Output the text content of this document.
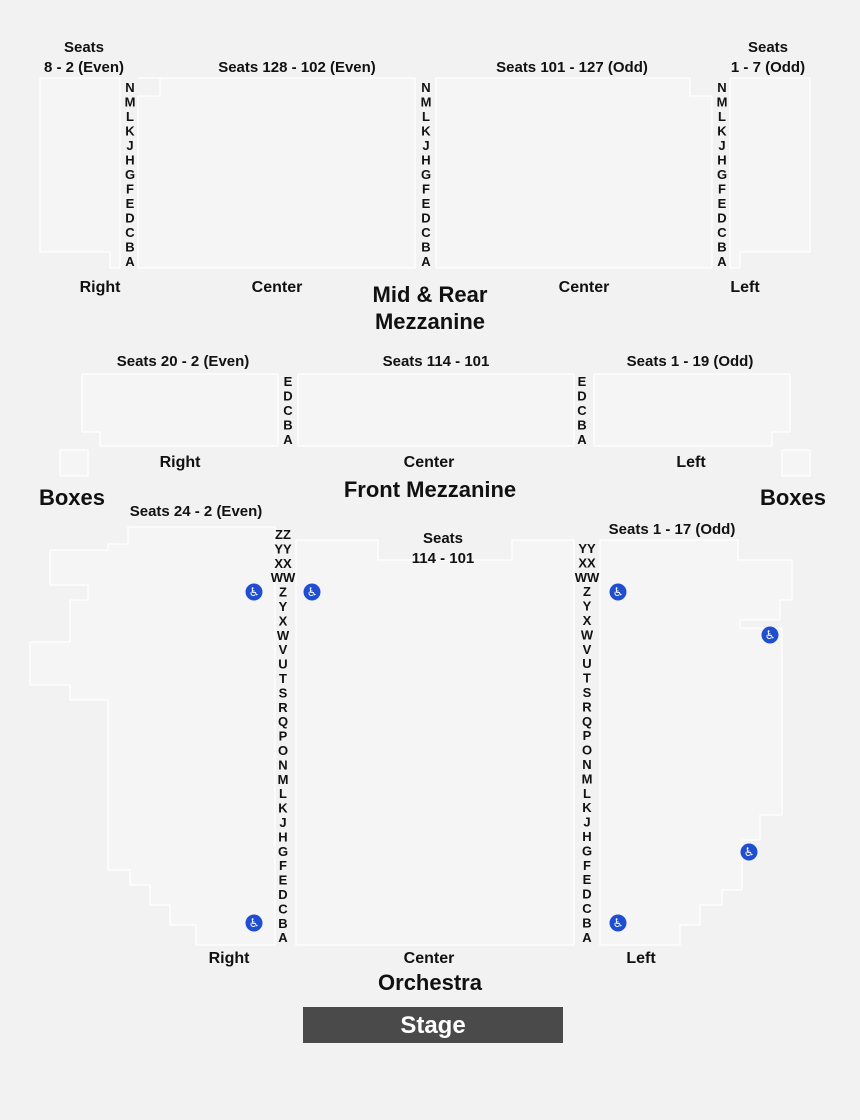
Seats
8 - 2 (Even)	Seats 128 - 102 (Even)	Seats 101 - 127 (Odd)
Seats
1 - 7 (Odd)
N
M
L
K
J
H
G
F
E
D
C
B
A
N
M
L
K
J
H
G
F
E
D
C
B
A
N
M
L
K
J
H
G
F
E
D
C
B
A
Right	Center	Center	Left
Mid & Rear
Mezzanine
Seats 20 - 2 (Even)	Seats 114 - 101	Seats 1 - 19 (Odd)
E
D
C
B
A
E
D
C
B
A
Right	Center	Left
Front Mezzanine
Boxes	Boxes
Seats 24 - 2 (Even)
Seats
114 - 101
Seats 1 - 17 (Odd)
ZZ
YY
XX
WW
Z
Y
X
W
V
U
T
S
R
Q
P
O
N
M
L
K
J
H
G
F
E
D
C
B
A
YY
XX
WW
Z
Y
X
W
V
U
T
S
R
Q
P
O
N
M
L
K
J
H
G
F
E
D
C
B
A
Right	Center	Left
Orchestra
♿	♿	♿
♿
♿
♿	♿
Stage
